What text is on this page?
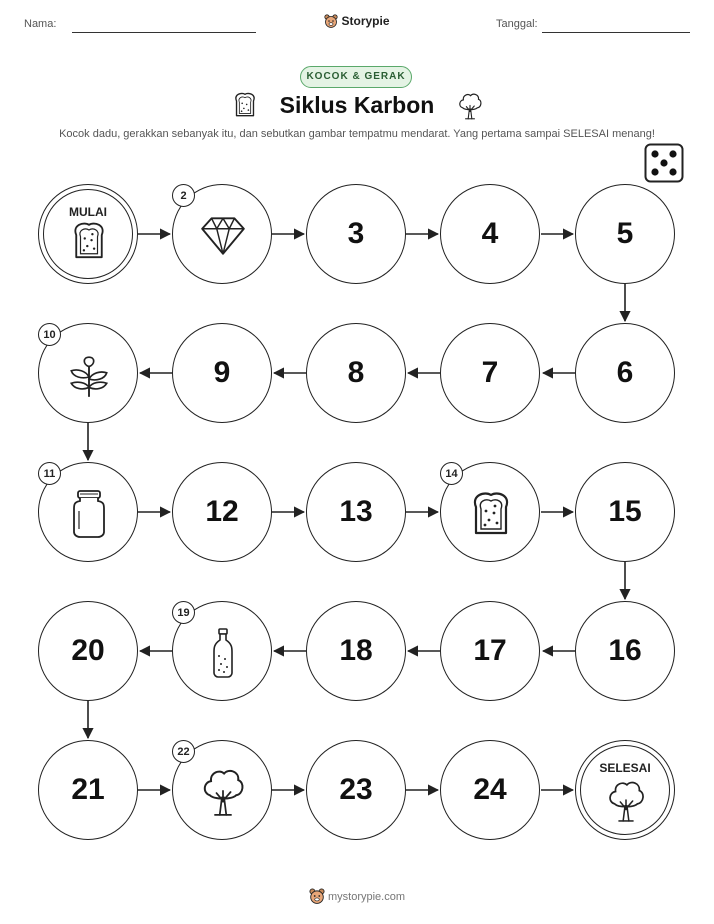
Nama:	Storypie	Tanggal:
KOCOK & GERAK
Siklus Karbon
Kocok dadu, gerakkan sebanyak itu, dan sebutkan gambar tempatmu mendarat. Yang pertama sampai SELESAI menang!
MULAI
2
3	4	5
6
7
8
9
10
11
12	13
14
15
16
17
18
19
20
21
22
23	24
SELESAI
mystorypie.com
